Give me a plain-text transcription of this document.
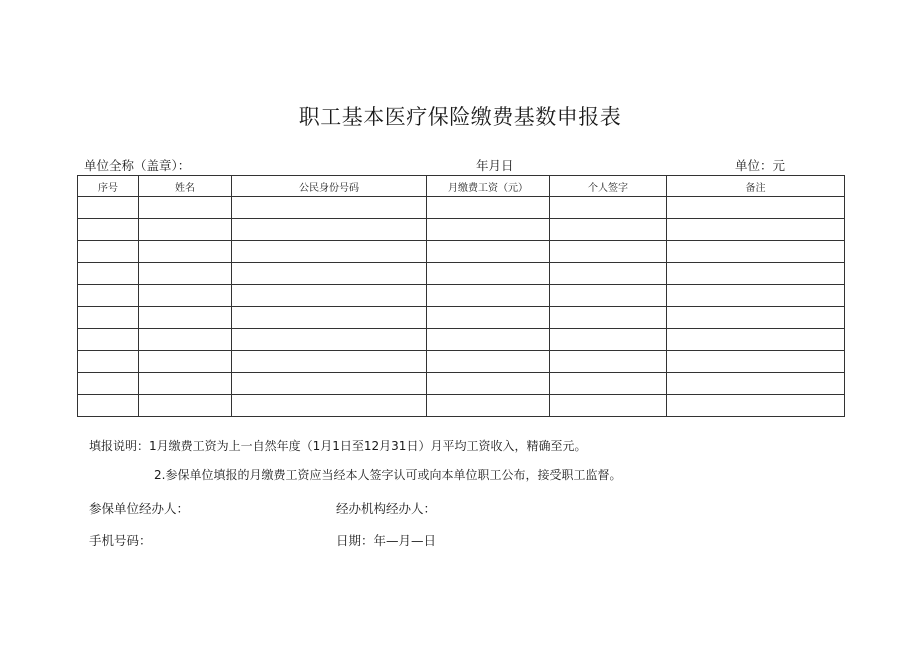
职工基本医疗保险缴费基数申报表
单位全称（盖章）：	年月日	单位：元
序号	姓名	公民身份号码	月缴费工资（元）	个人签字	备注

填报说明：1月缴费工资为上一自然年度（1月1日至12月31日）月平均工资收入，精确至元。
2.参保单位填报的月缴费工资应当经本人签字认可或向本单位职工公布，接受职工监督。
参保单位经办人：	经办机构经办人：
手机号码：	日期：年—月—日
